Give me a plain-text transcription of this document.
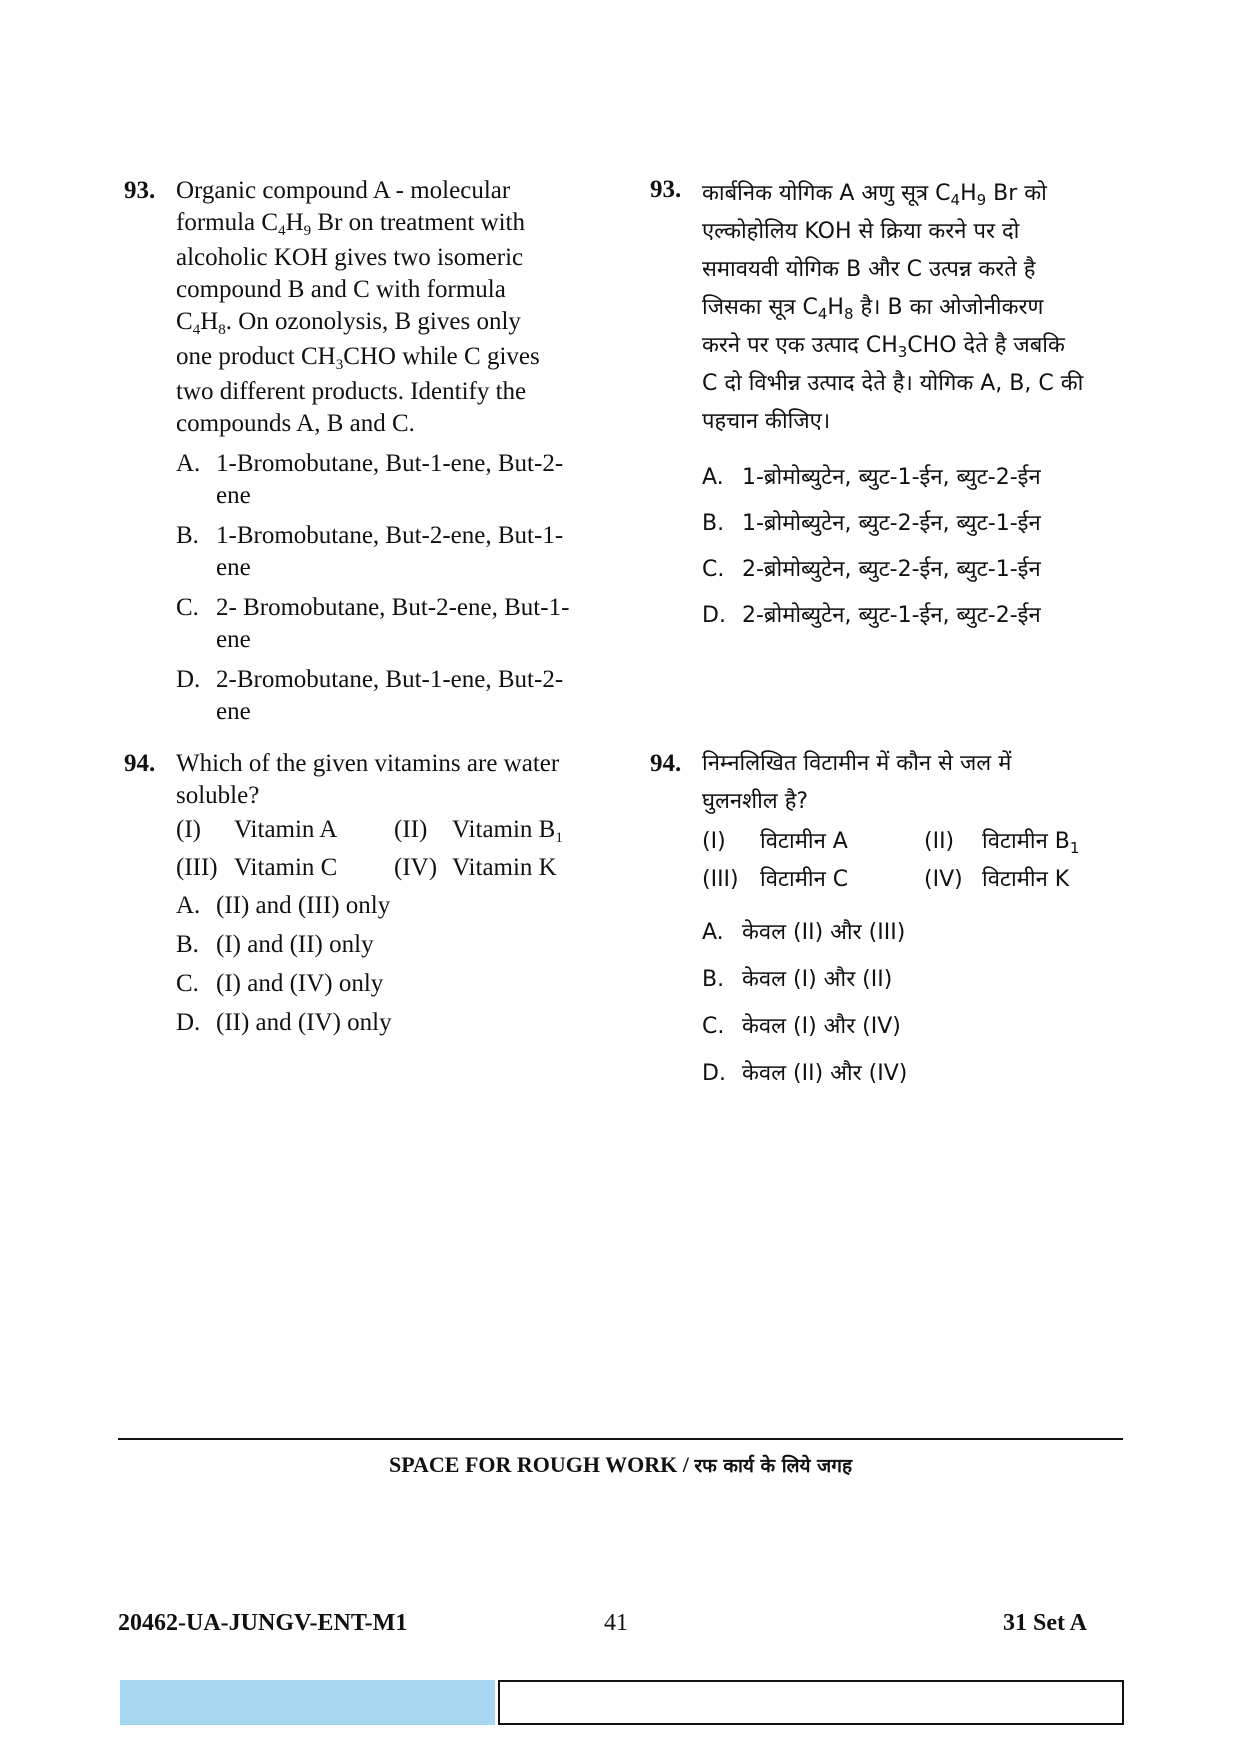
93. Organic compound A - molecular
formula $C_4H_9$ Br on treatment with
alcoholic KOH gives two isomeric
compound B and C with formula
$C_4H_8$. On ozonolysis, B gives only
one product $CH_3CHO$ while C gives
two different products. Identify the
compounds A, B and C.
A. 1-Bromobutane, But-1-ene, But-2-ene
B. 1-Bromobutane, But-2-ene, But-1-ene
C. 2- Bromobutane, But-2-ene, But-1-ene
D. 2-Bromobutane, But-1-ene, But-2-ene
94. Which of the given vitamins are water
soluble?
(I) Vitamin A	(II) Vitamin $B_1$
(III) Vitamin C	(IV) Vitamin K
A. (II) and (III) only
B. (I) and (II) only
C. (I) and (IV) only
D. (II) and (IV) only
93. कार्बनिक योगिक A अणु सूत्र $C_4H_9$ Br को
एल्कोहोलिय KOH से क्रिया करने पर दो
समावयवी योगिक B और C उत्पन्न करते है
जिसका सूत्र $C_4H_8$ है। B का ओजोनीकरण
करने पर एक उत्पाद $CH_3CHO$ देते है जबकि
C दो विभीन्न उत्पाद देते है। योगिक A, B, C की
पहचान कीजिए।
A. 1-ब्रोमोब्युटेन, ब्युट-1-ईन, ब्युट-2-ईन
B. 1-ब्रोमोब्युटेन, ब्युट-2-ईन, ब्युट-1-ईन
C. 2-ब्रोमोब्युटेन, ब्युट-2-ईन, ब्युट-1-ईन
D. 2-ब्रोमोब्युटेन, ब्युट-1-ईन, ब्युट-2-ईन
94. निम्नलिखित विटामीन में कौन से जल में
घुलनशील है?
(I) विटामीन A	(II) विटामीन $B_1$
(III) विटामीन C	(IV) विटामीन K
A. केवल (II) और (III)
B. केवल (I) और (II)
C. केवल (I) और (IV)
D. केवल (II) और (IV)
SPACE FOR ROUGH WORK / रफ कार्य के लिये जगह
20462-UA-JUNGV-ENT-M1	41	31 Set A
